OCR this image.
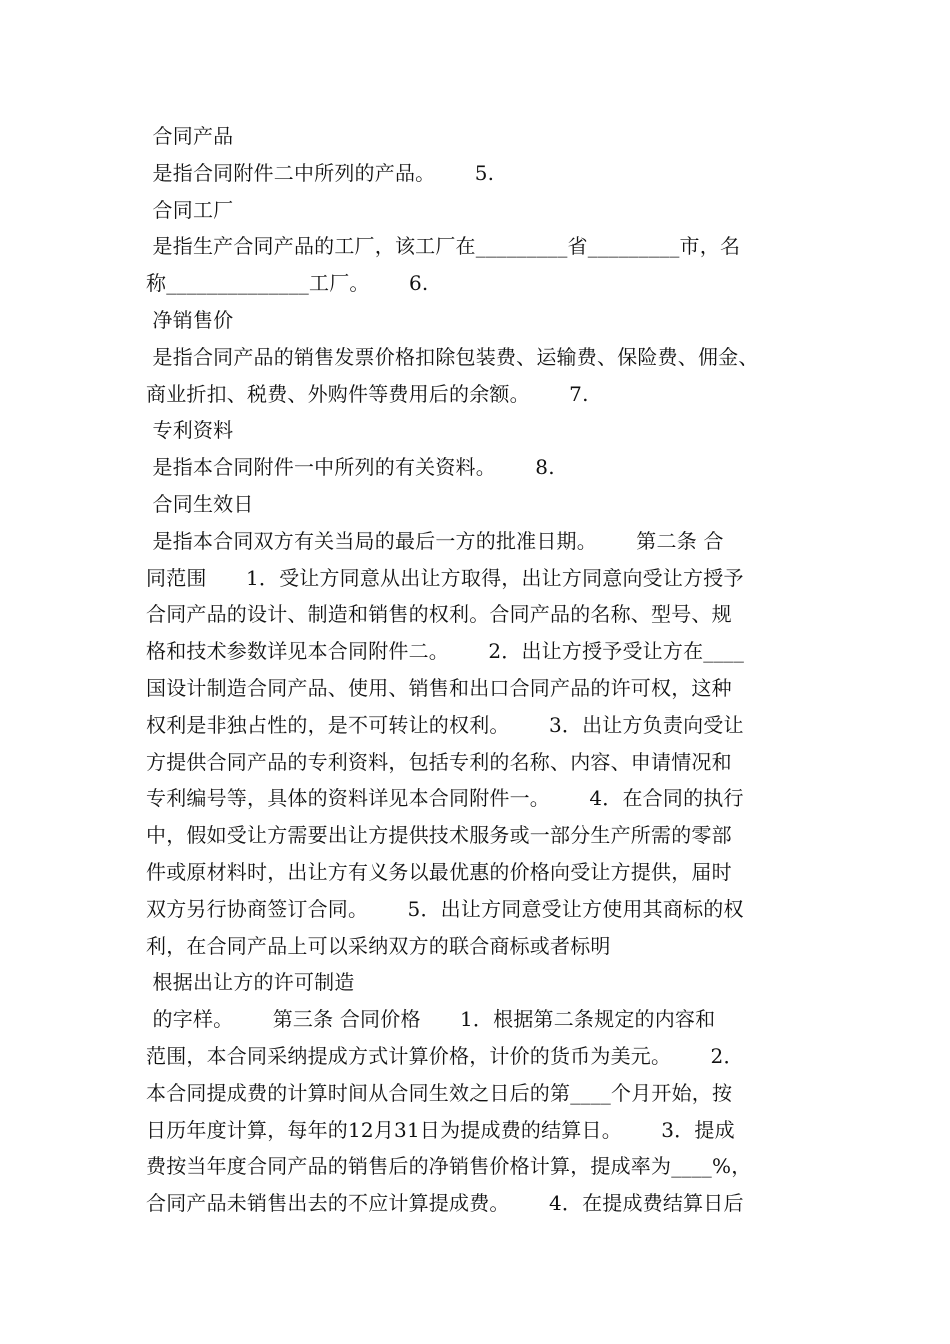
合同产品
是指合同附件二中所列的产品。      5.
合同工厂
是指生产合同产品的工厂，该工厂在_________省_________市，名
称______________工厂。      6.
净销售价
是指合同产品的销售发票价格扣除包装费、运输费、保险费、佣金、
商业折扣、税费、外购件等费用后的余额。      7.
专利资料
是指本合同附件一中所列的有关资料。      8.
合同生效日
是指本合同双方有关当局的最后一方的批准日期。      第二条 合
同范围      1．受让方同意从出让方取得，出让方同意向受让方授予
合同产品的设计、制造和销售的权利。合同产品的名称、型号、规
格和技术参数详见本合同附件二。      2．出让方授予受让方在____
国设计制造合同产品、使用、销售和出口合同产品的许可权，这种
权利是非独占性的，是不可转让的权利。      3．出让方负责向受让
方提供合同产品的专利资料，包括专利的名称、内容、申请情况和
专利编号等，具体的资料详见本合同附件一。      4．在合同的执行
中，假如受让方需要出让方提供技术服务或一部分生产所需的零部
件或原材料时，出让方有义务以最优惠的价格向受让方提供，届时
双方另行协商签订合同。      5．出让方同意受让方使用其商标的权
利，在合同产品上可以采纳双方的联合商标或者标明
根据出让方的许可制造
的字样。      第三条 合同价格      1．根据第二条规定的内容和
范围，本合同采纳提成方式计算价格，计价的货币为美元。      2．
本合同提成费的计算时间从合同生效之日后的第____个月开始，按
日历年度计算，每年的12月31日为提成费的结算日。      3．提成
费按当年度合同产品的销售后的净销售价格计算，提成率为____%，
合同产品未销售出去的不应计算提成费。      4．在提成费结算日后
